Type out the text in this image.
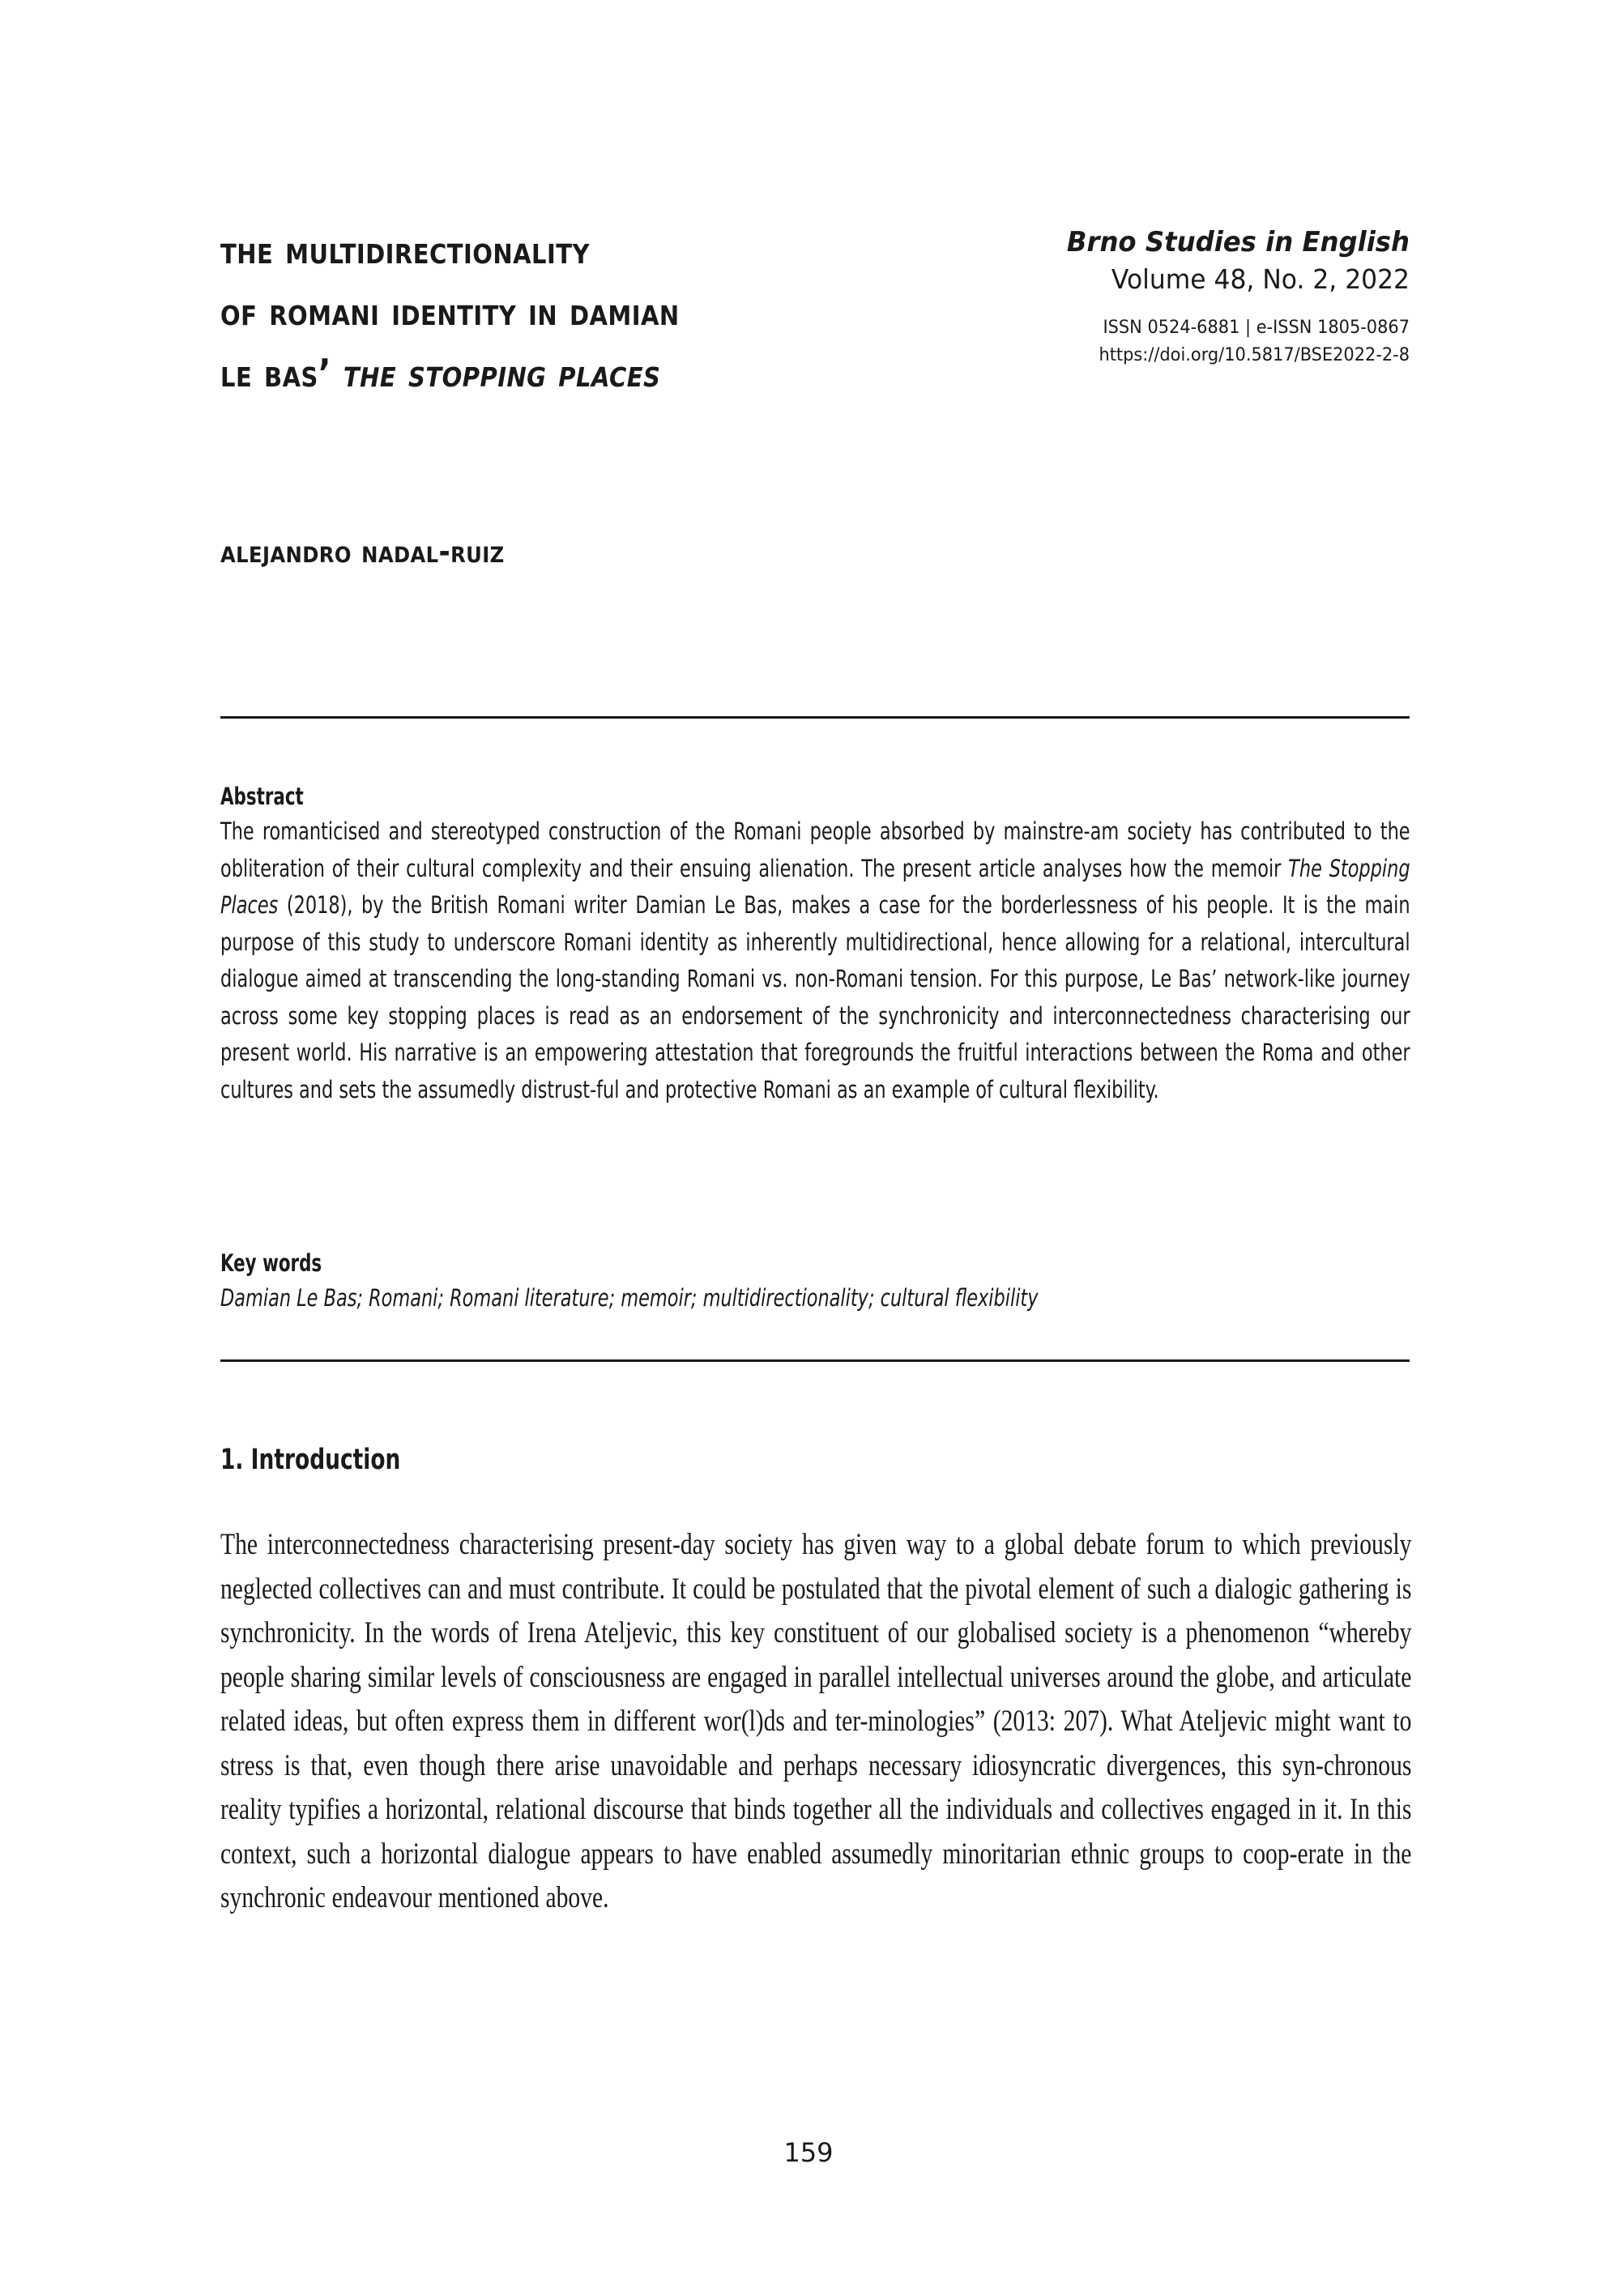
the multidirectionality
of romani identity in damian
le bas’ the stopping places
Brno Studies in English
Volume 48, No. 2, 2022
ISSN 0524-6881 | e-ISSN 1805-0867
https://doi.org/10.5817/BSE2022-2-8
alejandro nadal-ruiz
Abstract
The romanticised and stereotyped construction of the Romani people absorbed by mainstre-am society has contributed to the obliteration of their cultural complexity and their ensuing alienation. The present article analyses how the memoir The Stopping Places (2018), by the British Romani writer Damian Le Bas, makes a case for the borderlessness of his people. It is the main purpose of this study to underscore Romani identity as inherently multidirectional, hence allowing for a relational, intercultural dialogue aimed at transcending the long-standing Romani vs. non-Romani tension. For this purpose, Le Bas’ network-like journey across some key stopping places is read as an endorsement of the synchronicity and interconnectedness characterising our present world. His narrative is an empowering attestation that foregrounds the fruitful interactions between the Roma and other cultures and sets the assumedly distrust-ful and protective Romani as an example of cultural flexibility.
Key words
Damian Le Bas; Romani; Romani literature; memoir; multidirectionality; cultural flexibility
1. Introduction
The interconnectedness characterising present-day society has given way to a global debate forum to which previously neglected collectives can and must contribute. It could be postulated that the pivotal element of such a dialogic gathering is synchronicity. In the words of Irena Ateljevic, this key constituent of our globalised society is a phenomenon “whereby people sharing similar levels of consciousness are engaged in parallel intellectual universes around the globe, and articulate related ideas, but often express them in different wor(l)ds and ter-minologies” (2013: 207). What Ateljevic might want to stress is that, even though there arise unavoidable and perhaps necessary idiosyncratic divergences, this syn-chronous reality typifies a horizontal, relational discourse that binds together all the individuals and collectives engaged in it. In this context, such a horizontal dialogue appears to have enabled assumedly minoritarian ethnic groups to coop-erate in the synchronic endeavour mentioned above.
159
